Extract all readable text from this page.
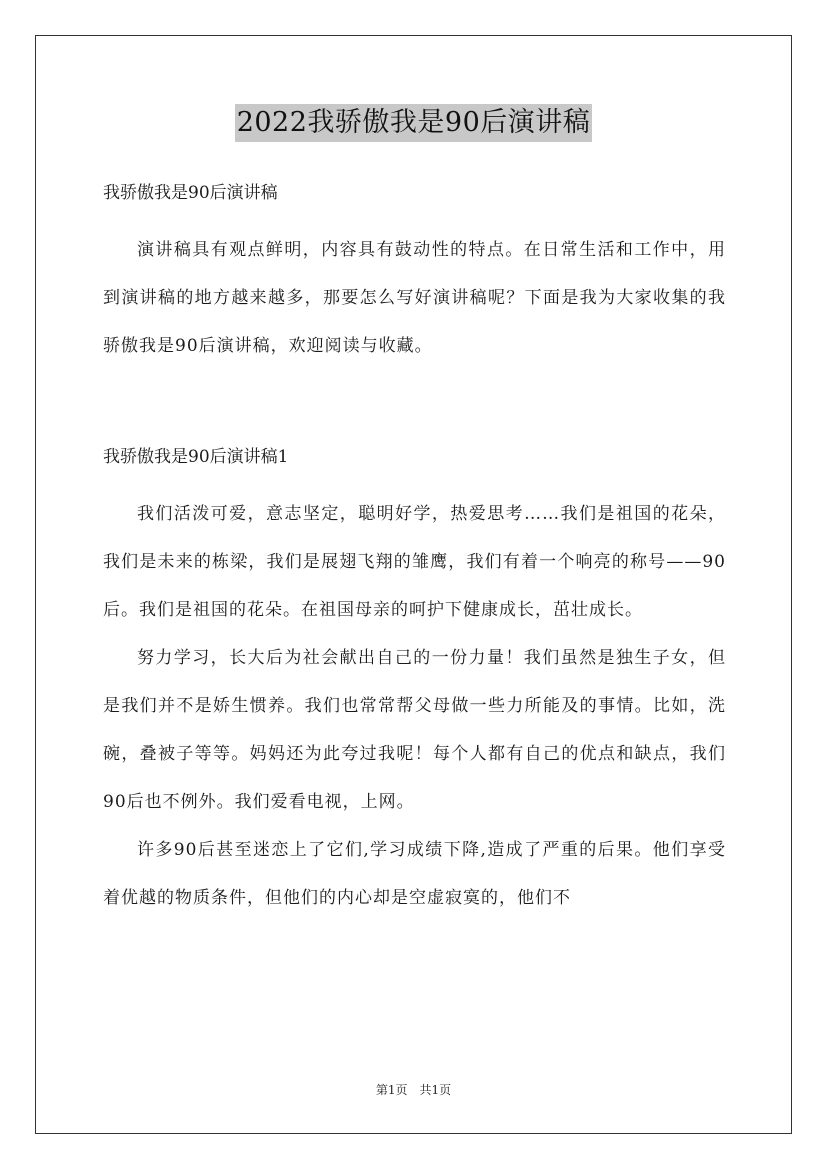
2022我骄傲我是90后演讲稿

我骄傲我是90后演讲稿

演讲稿具有观点鲜明，内容具有鼓动性的特点。在日常生活和工作中，用到演讲稿的地方越来越多，那要怎么写好演讲稿呢？下面是我为大家收集的我骄傲我是90后演讲稿，欢迎阅读与收藏。

我骄傲我是90后演讲稿1

我们活泼可爱，意志坚定，聪明好学，热爱思考……我们是祖国的花朵，我们是未来的栋梁，我们是展翅飞翔的雏鹰，我们有着一个响亮的称号——90后。我们是祖国的花朵。在祖国母亲的呵护下健康成长，茁壮成长。

努力学习，长大后为社会献出自己的一份力量！我们虽然是独生子女，但是我们并不是娇生惯养。我们也常常帮父母做一些力所能及的事情。比如，洗碗，叠被子等等。妈妈还为此夸过我呢！每个人都有自己的优点和缺点，我们90后也不例外。我们爱看电视，上网。

许多90后甚至迷恋上了它们,学习成绩下降,造成了严重的后果。他们享受着优越的物质条件，但他们的内心却是空虚寂寞的，他们不

第1页　共1页
